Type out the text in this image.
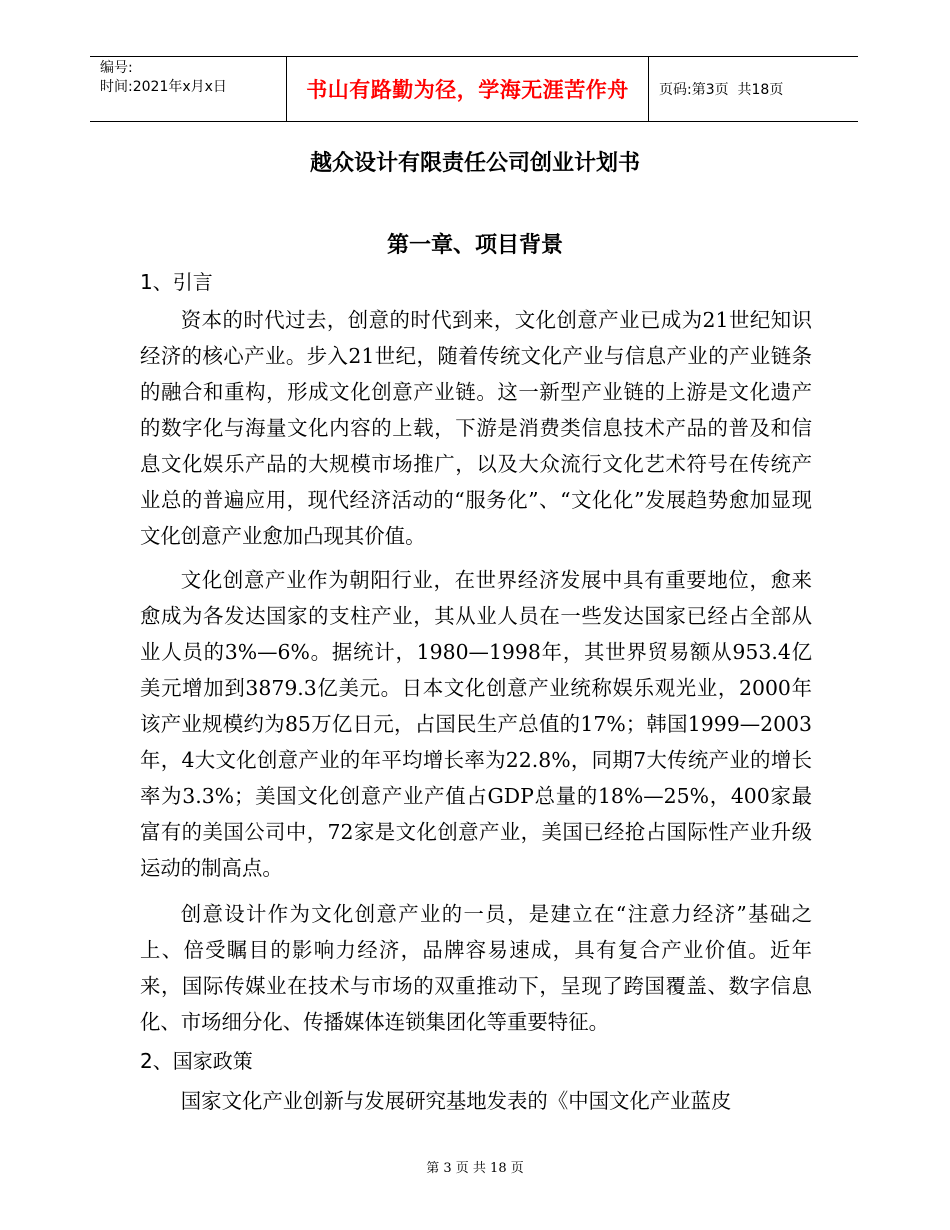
编号:
时间:2021年x月x日	书山有路勤为径，学海无涯苦作舟 页码:第3页  共18页
越众设计有限责任公司创业计划书
第一章、项目背景
1、引言

资本的时代过去，创意的时代到来，文化创意产业已成为21世纪知识经济的核心产业。步入21世纪，随着传统文化产业与信息产业的产业链条的融合和重构，形成文化创意产业链。这一新型产业链的上游是文化遗产的数字化与海量文化内容的上载，下游是消费类信息技术产品的普及和信息文化娱乐产品的大规模市场推广，以及大众流行文化艺术符号在传统产业总的普遍应用，现代经济活动的“服务化”、“文化化”发展趋势愈加显现文化创意产业愈加凸现其价值。

文化创意产业作为朝阳行业，在世界经济发展中具有重要地位，愈来愈成为各发达国家的支柱产业，其从业人员在一些发达国家已经占全部从业人员的3%—6%。据统计，1980—1998年，其世界贸易额从953.4亿美元增加到3879.3亿美元。日本文化创意产业统称娱乐观光业，2000年该产业规模约为85万亿日元，占国民生产总值的17%；韩国1999—2003年，4大文化创意产业的年平均增长率为22.8%，同期7大传统产业的增长率为3.3%；美国文化创意产业产值占GDP总量的18%—25%，400家最富有的美国公司中，72家是文化创意产业，美国已经抢占国际性产业升级运动的制高点。

创意设计作为文化创意产业的一员，是建立在“注意力经济”基础之上、倍受瞩目的影响力经济，品牌容易速成，具有复合产业价值。近年来，国际传媒业在技术与市场的双重推动下，呈现了跨国覆盖、数字信息化、市场细分化、传播媒体连锁集团化等重要特征。

2、国家政策

国家文化产业创新与发展研究基地发表的《中国文化产业蓝皮

第 3 页 共 18 页
